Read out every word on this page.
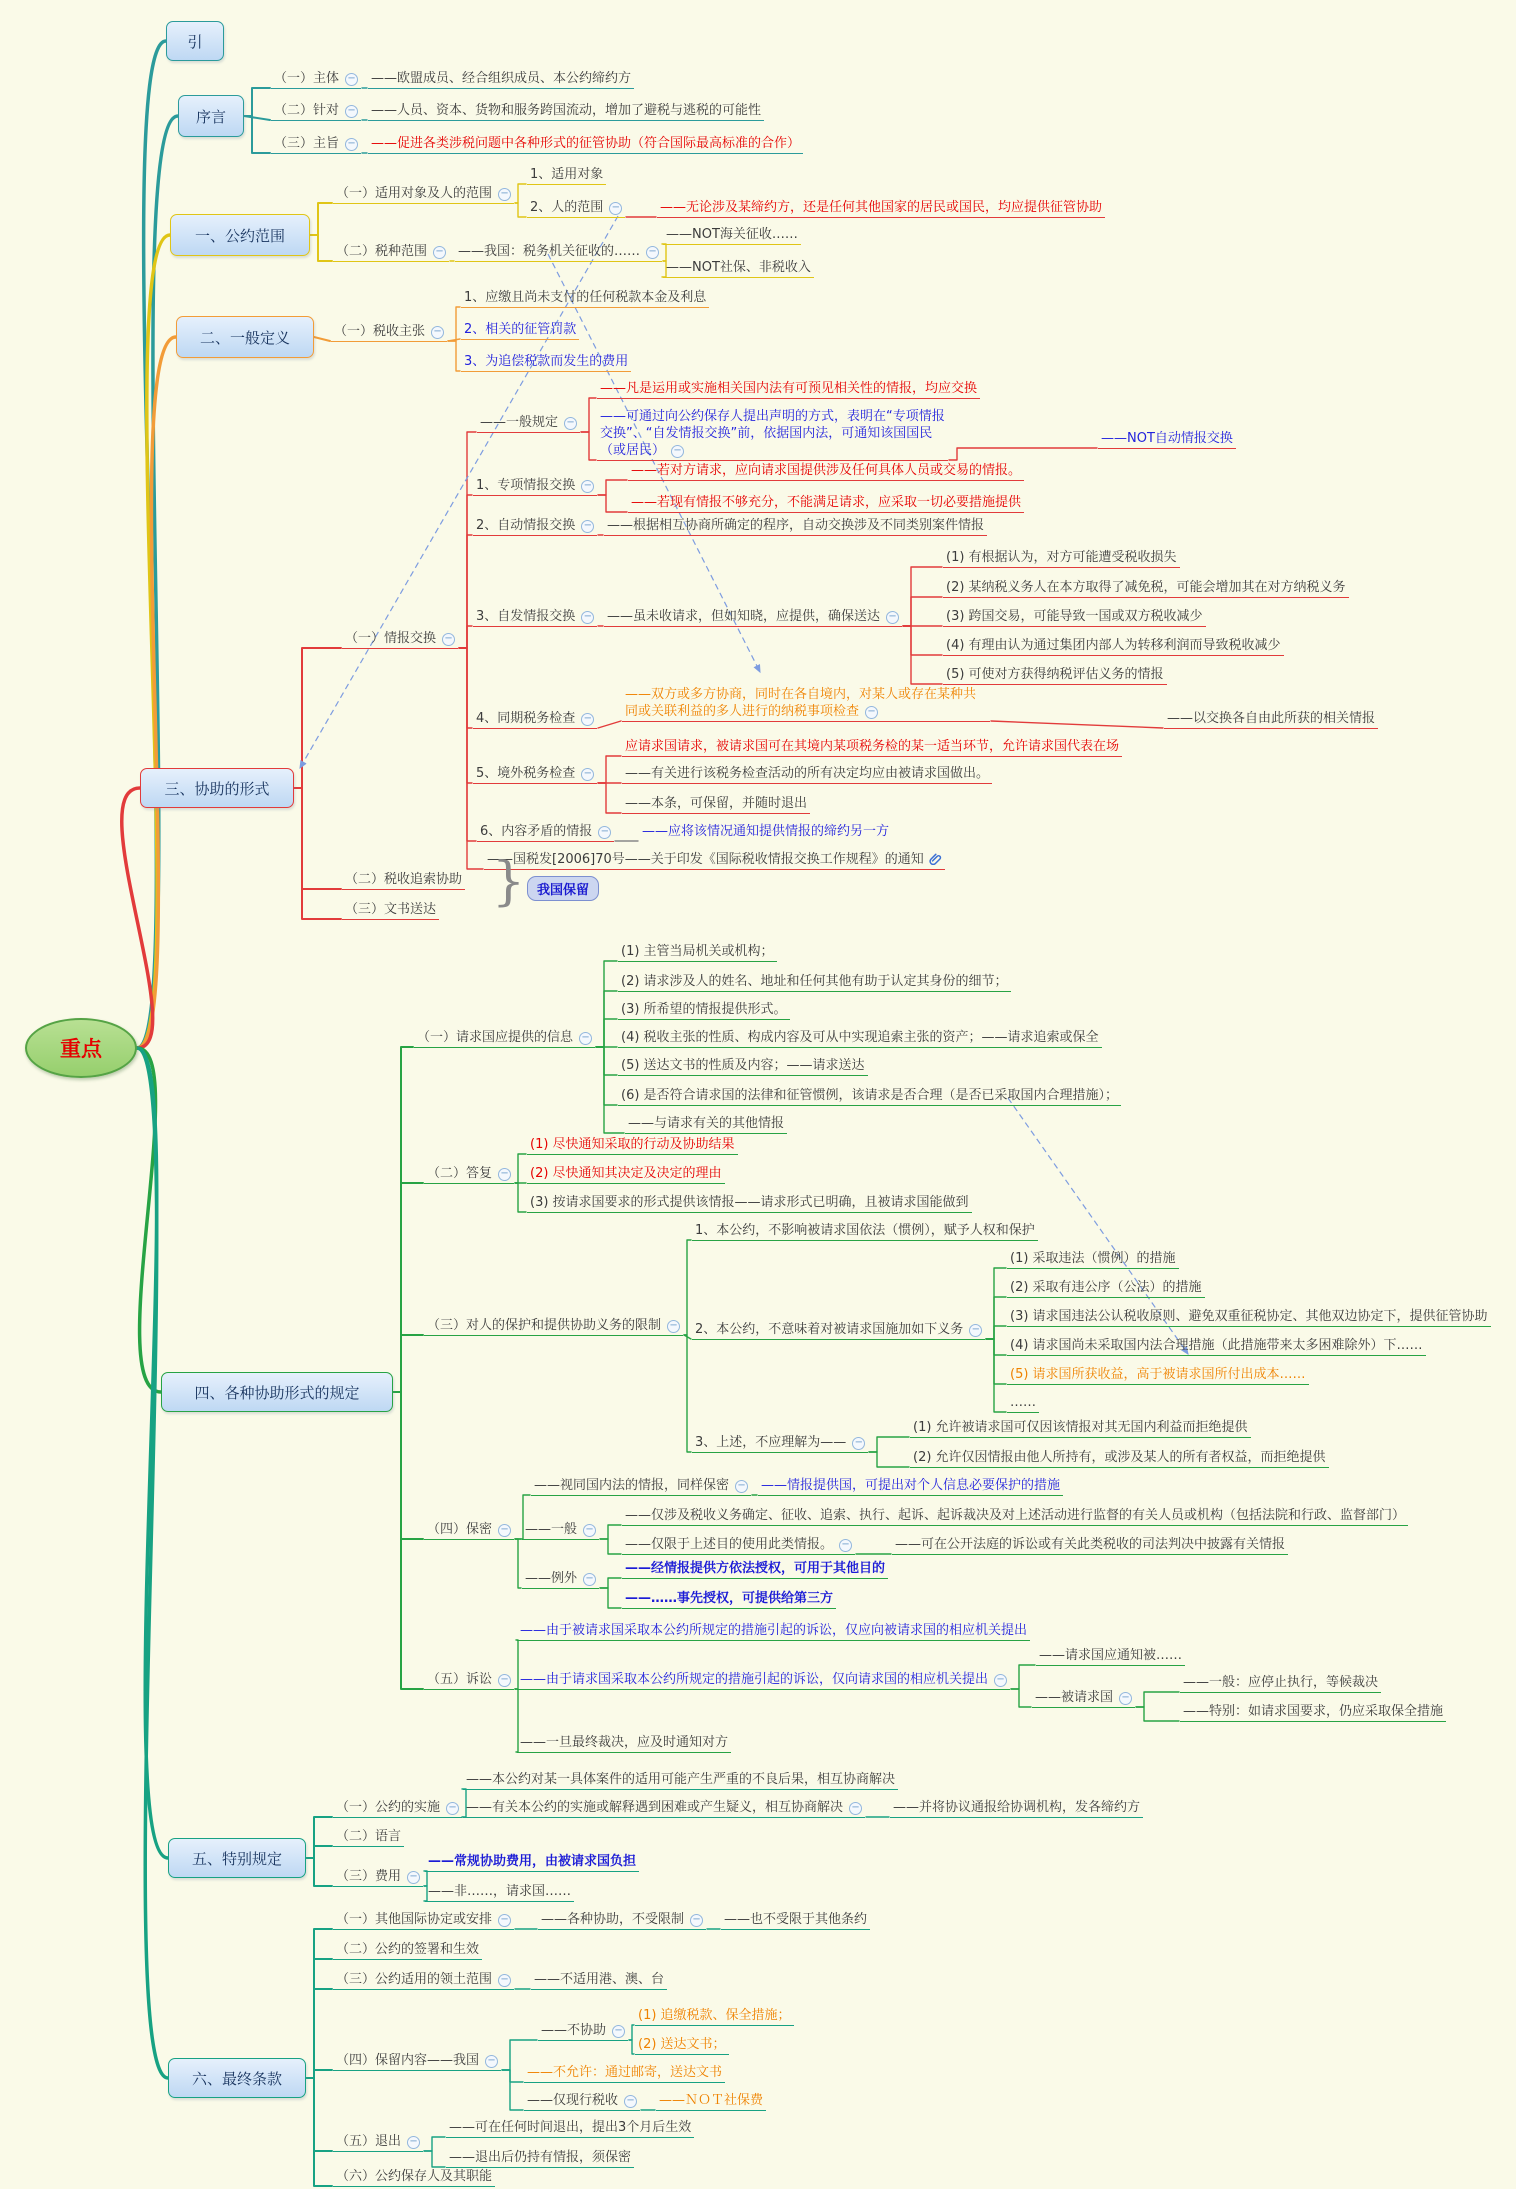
重点
引
序言
（一）主体 −	——欧盟成员、经合组织成员、本公约缔约方
（二）针对 −	——人员、资本、货物和服务跨国流动，增加了避税与逃税的可能性
（三）主旨 −	——促进各类涉税问题中各种形式的征管协助（符合国际最高标准的合作）
一、公约范围
（一）适用对象及人的范围 −
1、适用对象
2、人的范围 −	——无论涉及某缔约方，还是任何其他国家的居民或国民，均应提供征管协助
（二）税种范围 −	——我国：税务机关征收的…… −
——NOT海关征收……
——NOT社保、非税收入
二、一般定义	（一）税收主张 −
1、应缴且尚未支付的任何税款本金及利息
2、相关的征管罚款
3、为追偿税款而发生的费用
三、协助的形式
（一）情报交换 −
——一般规定 −
——凡是运用或实施相关国内法有可预见相关性的情报，均应交换
——可通过向公约保存人提出声明的方式，表明在“专项情报交换”、“自发情报交换”前，依据国内法，可通知该国国民（或居民） −
——NOT自动情报交换
1、专项情报交换 −
——若对方请求，应向请求国提供涉及任何具体人员或交易的情报。
——若现有情报不够充分，不能满足请求，应采取一切必要措施提供
2、自动情报交换 −	——根据相互协商所确定的程序，自动交换涉及不同类别案件情报
3、自发情报交换 −	——虽未收请求，但如知晓，应提供，确保送达 −
(1) 有根据认为，对方可能遭受税收损失
(2) 某纳税义务人在本方取得了减免税，可能会增加其在对方纳税义务
(3) 跨国交易，可能导致一国或双方税收减少
(4) 有理由认为通过集团内部人为转移利润而导致税收减少
(5) 可使对方获得纳税评估义务的情报
4、同期税务检查 −
——双方或多方协商，同时在各自境内，对某人或存在某种共同或关联利益的多人进行的纳税事项检查 −	——以交换各自由此所获的相关情报
5、境外税务检查 −
应请求国请求，被请求国可在其境内某项税务检的某一适当环节，允许请求国代表在场
——有关进行该税务检查活动的所有决定均应由被请求国做出。
——本条，可保留，并随时退出
6、内容矛盾的情报 −	——应将该情况通知提供情报的缔约另一方
——国税发[2006]70号——关于印发《国际税收情报交换工作规程》的通知
（二）税收追索协助
（三）文书送达
我国保留
四、各种协助形式的规定
（一）请求国应提供的信息 −
(1) 主管当局机关或机构；
(2) 请求涉及人的姓名、地址和任何其他有助于认定其身份的细节；
(3) 所希望的情报提供形式。
(4) 税收主张的性质、构成内容及可从中实现追索主张的资产；——请求追索或保全
(5) 送达文书的性质及内容；——请求送达
(6) 是否符合请求国的法律和征管惯例，该请求是否合理（是否已采取国内合理措施）；
——与请求有关的其他情报
（二）答复 −
(1) 尽快通知采取的行动及协助结果
(2) 尽快通知其决定及决定的理由
(3) 按请求国要求的形式提供该情报——请求形式已明确，且被请求国能做到
（三）对人的保护和提供协助义务的限制 −
1、本公约，不影响被请求国依法（惯例），赋予人权和保护
2、本公约，不意味着对被请求国施加如下义务 −
(1) 采取违法（惯例）的措施
(2) 采取有违公序（公法）的措施
(3) 请求国违法公认税收原则、避免双重征税协定、其他双边协定下，提供征管协助
(4) 请求国尚未采取国内法合理措施（此措施带来太多困难除外）下……
(5) 请求国所获收益，高于被请求国所付出成本……
……
3、上述，不应理解为—— −
(1) 允许被请求国可仅因该情报对其无国内利益而拒绝提供
(2) 允许仅因情报由他人所持有，或涉及某人的所有者权益，而拒绝提供
（四）保密 −
——视同国内法的情报，同样保密 −	——情报提供国，可提出对个人信息必要保护的措施
——一般 −
——仅涉及税收义务确定、征收、追索、执行、起诉、起诉裁决及对上述活动进行监督的有关人员或机构（包括法院和行政、监督部门）
——仅限于上述目的使用此类情报。 −	——可在公开法庭的诉讼或有关此类税收的司法判决中披露有关情报
——例外 −
——经情报提供方依法授权，可用于其他目的
——……事先授权，可提供给第三方
（五）诉讼 −
——由于被请求国采取本公约所规定的措施引起的诉讼，仅应向被请求国的相应机关提出
——由于请求国采取本公约所规定的措施引起的诉讼，仅向请求国的相应机关提出 −
——请求国应通知被……
——被请求国 −
——一般：应停止执行，等候裁决
——特别：如请求国要求，仍应采取保全措施
——一旦最终裁决，应及时通知对方
五、特别规定
（一）公约的实施 −
——本公约对某一具体案件的适用可能产生严重的不良后果，相互协商解决
——有关本公约的实施或解释遇到困难或产生疑义，相互协商解决 −	——并将协议通报给协调机构，发各缔约方
（二）语言
（三）费用 −
——常规协助费用，由被请求国负担
——非……，请求国……
六、最终条款
（一）其他国际协定或安排 −	——各种协助，不受限制 −	——也不受限于其他条约
（二）公约的签署和生效
（三）公约适用的领土范围 −	——不适用港、澳、台
（四）保留内容——我国 −
——不协助 −
(1) 追缴税款、保全措施；
(2) 送达文书；
——不允许：通过邮寄，送达文书
——仅现行税收 −	——ＮＯＴ社保费
（五）退出 −
——可在任何时间退出，提出3个月后生效
——退出后仍持有情报，须保密
（六）公约保存人及其职能
}
